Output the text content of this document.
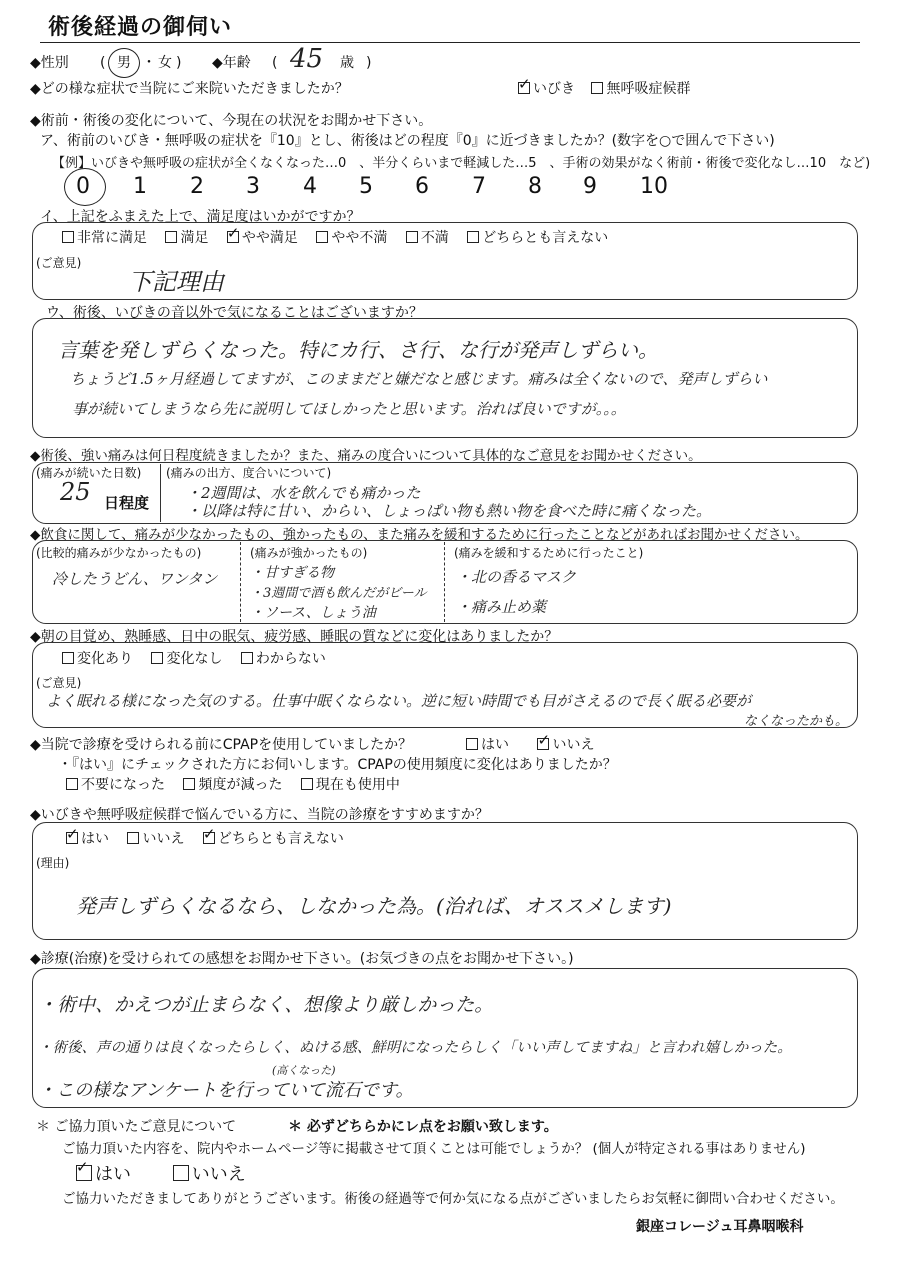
術後経過の御伺い
◆性別	男 ・ 女
(	) ◆年齢 ( 45 歳 )
◆どの様な症状で当院にご来院いただきましたか？ ✓	いびき 無呼吸症候群
◆術前・術後の変化について、今現在の状況をお聞かせ下さい。
ア、術前のいびき・無呼吸の症状を『10』とし、術後はどの程度『0』に近づきましたか？(数字を○で囲んで下さい)
【例】いびきや無呼吸の症状が全くなくなった…0　、半分くらいまで軽減した…5　、手術の効果がなく術前・術後で変化なし…10　など)
0 1 2 3 4 5 6 7 8 9 10
イ、上記をふまえた上で、満足度はいかがですか？
非常に満足 満足 ✓ やや満足 やや不満 不満 どちらとも言えない
(ご意見)
下記理由
ウ、術後、いびきの音以外で気になることはございますか？
言葉を発しずらくなった。特にカ行、さ行、な行が発声しずらい。
ちょうど1.5ヶ月経過してますが、このままだと嫌だなと感じます。痛みは全くないので、発声しずらい
事が続いてしまうなら先に説明してほしかったと思います。治れば良いですが。。。
◆術後、強い痛みは何日程度続きましたか？また、痛みの度合いについて具体的なご意見をお聞かせください。
(痛みが続いた日数)
25 日程度
(痛みの出方、度合いについて)
・2週間は、水を飲んでも痛かった
・以降は特に甘い、からい、しょっぱい物も熱い物を食べた時に痛くなった。
◆飲食に関して、痛みが少なかったもの、強かったもの、また痛みを緩和するために行ったことなどがあればお聞かせください。
(比較的痛みが少なかったもの)
冷したうどん、ワンタン
(痛みが強かったもの)
・甘すぎる物
・3週間で酒も飲んだがビール
・ソース、しょう油
(痛みを緩和するために行ったこと)
・北の香るマスク
・痛み止め薬
◆朝の目覚め、熟睡感、日中の眠気、疲労感、睡眠の質などに変化はありましたか？
変化あり 変化なし わからない
(ご意見)
よく眠れる様になった気のする。仕事中眠くならない。逆に短い時間でも目がさえるので長く眠る必要が
なくなったかも。
◆当院で診療を受けられる前にCPAPを使用していましたか？	はい ✓	いいえ
・『はい』にチェックされた方にお伺いします。CPAPの使用頻度に変化はありましたか？
不要になった 頻度が減った 現在も使用中
◆いびきや無呼吸症候群で悩んでいる方に、当院の診療をすすめますか？
✓はい いいえ ✓ どちらとも言えない
(理由)
発声しずらくなるなら、しなかった為。(治れば、オススメします)
◆診療(治療)を受けられての感想をお聞かせ下さい。(お気づきの点をお聞かせ下さい。)
・術中、かえつが止まらなく、想像より厳しかった。
・術後、声の通りは良くなったらしく、ぬける感、鮮明になったらしく「いい声してますね」と言われ嬉しかった。
(高くなった)
・この様なアンケートを行っていて流石です。
＊ ご協力頂いたご意見について	＊ 必ずどちらかにレ点をお願い致します。
ご協力頂いた内容を、院内やホームページ等に掲載させて頂くことは可能でしょうか？ (個人が特定される事はありません)
✓はい	いいえ
ご協力いただきましてありがとうございます。術後の経過等で何か気になる点がございましたらお気軽に御問い合わせください。
銀座コレージュ耳鼻咽喉科
